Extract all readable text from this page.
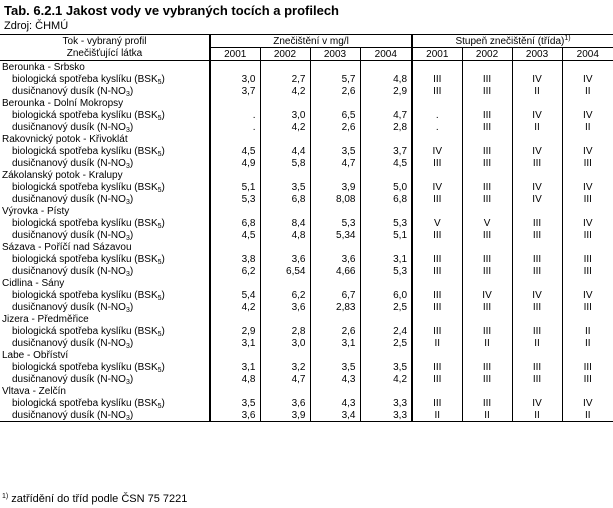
Tab. 6.2.1 Jakost vody ve vybraných tocích a profilech
Zdroj: ČHMÚ
Tok - vybraný profil	Znečištění v mg/l				Stupeň znečištění (třída)$^{1)}$
Znečišťující látka	2001	2002	2003	2004	2001	2002	2003	2004
Berounka - Srbsko								
biologická spotřeba kyslíku $(BSK_5)$	3,0	2,7	5,7	4,8	III	III	IV	IV
dusičnanový dusík $(N-NO_3)$	3,7	4,2	2,6	2,9	III	III	II	II
Berounka - Dolní Mokropsy								
biologická spotřeba kyslíku $(BSK_5)$	.	3,0	6,5	4,7	.	III	IV	IV
dusičnanový dusík $(N-NO_3)$	.	4,2	2,6	2,8	.	III	II	II
Rakovnický potok - Křivoklát								
biologická spotřeba kyslíku $(BSK_5)$	4,5	4,4	3,5	3,7	IV	III	IV	IV
dusičnanový dusík $(N-NO_3)$	4,9	5,8	4,7	4,5	III	III	III	III
Zákolanský potok - Kralupy								
biologická spotřeba kyslíku $(BSK_5)$	5,1	3,5	3,9	5,0	IV	III	IV	IV
dusičnanový dusík $(N-NO_3)$	5,3	6,8	8,08	6,8	III	III	IV	III
Výrovka - Písty								
biologická spotřeba kyslíku $(BSK_5)$	6,8	8,4	5,3	5,3	V	V	III	IV
dusičnanový dusík $(N-NO_3)$	4,5	4,8	5,34	5,1	III	III	III	III
Sázava - Poříčí nad Sázavou								
biologická spotřeba kyslíku $(BSK_5)$	3,8	3,6	3,6	3,1	III	III	III	III
dusičnanový dusík $(N-NO_3)$	6,2	6,54	4,66	5,3	III	III	III	III
Cidlina - Sány								
biologická spotřeba kyslíku $(BSK_5)$	5,4	6,2	6,7	6,0	III	IV	IV	IV
dusičnanový dusík $(N-NO_3)$	4,2	3,6	2,83	2,5	III	III	III	III
Jizera - Předměřice								
biologická spotřeba kyslíku $(BSK_5)$	2,9	2,8	2,6	2,4	III	III	III	II
dusičnanový dusík $(N-NO_3)$	3,1	3,0	3,1	2,5	II	II	II	II
Labe - Obříství								
biologická spotřeba kyslíku $(BSK_5)$	3,1	3,2	3,5	3,5	III	III	III	III
dusičnanový dusík $(N-NO_3)$	4,8	4,7	4,3	4,2	III	III	III	III
Vltava - Zelčín								
biologická spotřeba kyslíku $(BSK_5)$	3,5	3,6	4,3	3,3	III	III	IV	IV
dusičnanový dusík $(N-NO_3)$	3,6	3,9	3,4	3,3	II	II	II	II
$^{1)}$ zatřídění do tříd podle ČSN 75 7221
